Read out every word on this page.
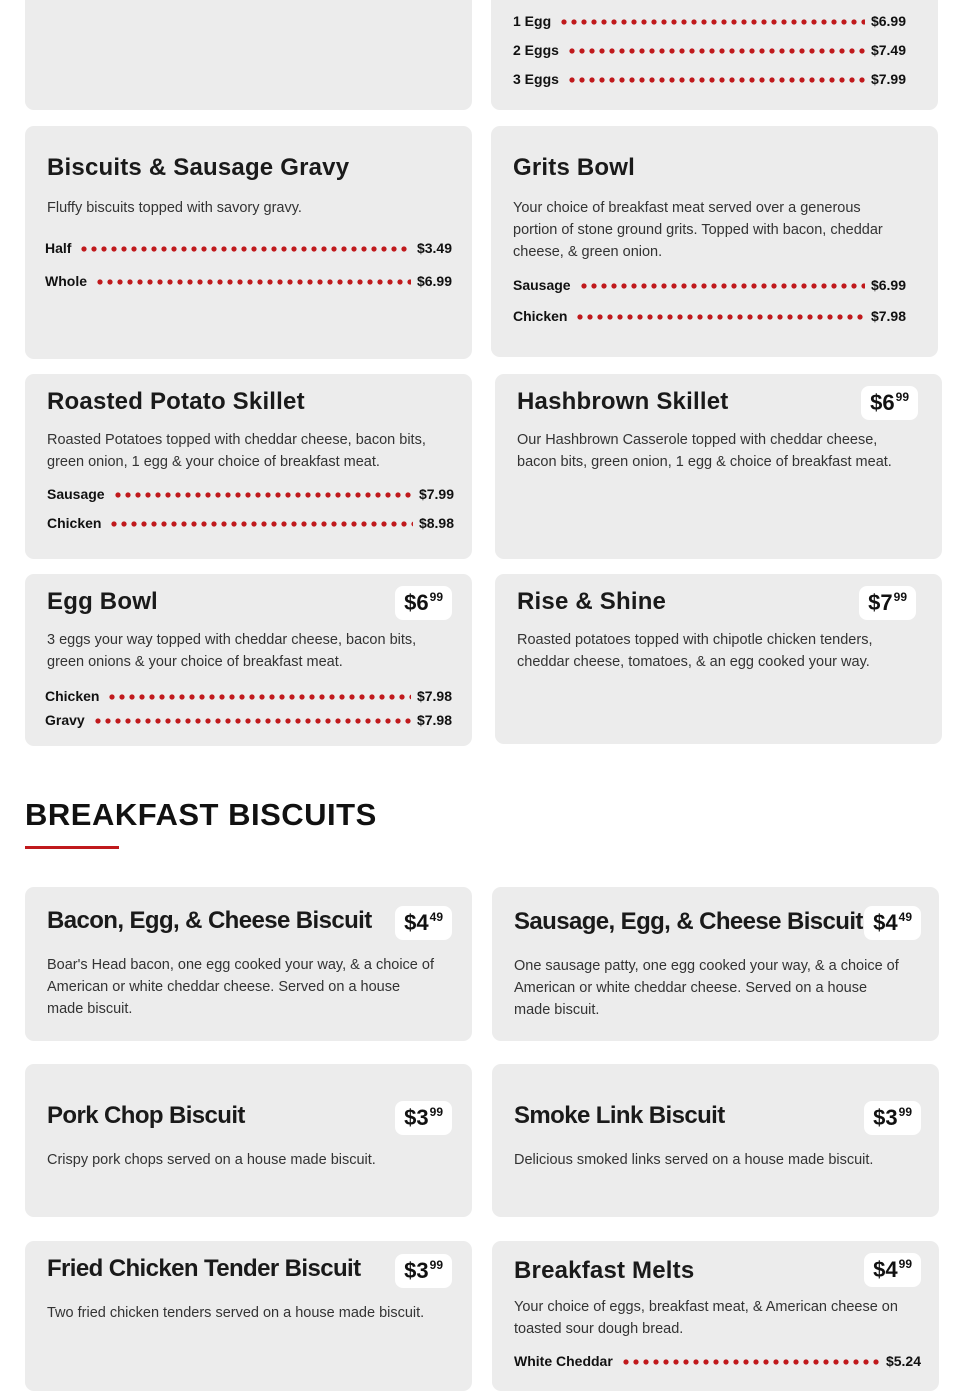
1 Egg	$6.99
2 Eggs	$7.49
3 Eggs	$7.99
Biscuits & Sausage Gravy
Fluffy biscuits topped with savory gravy.
Half	$3.49
Whole	$6.99
Grits Bowl
Your choice of breakfast meat served over a generous portion of stone ground grits. Topped with bacon, cheddar cheese, & green onion.
Sausage	$6.99
Chicken	$7.98
Roasted Potato Skillet
Roasted Potatoes topped with cheddar cheese, bacon bits, green onion, 1 egg & your choice of breakfast meat.
Sausage	$7.99
Chicken	$8.98
Hashbrown Skillet	$6 99
Our Hashbrown Casserole topped with cheddar cheese, bacon bits, green onion, 1 egg & choice of breakfast meat.
Egg Bowl	$6 99
3 eggs your way topped with cheddar cheese, bacon bits, green onions & your choice of breakfast meat.
Chicken	$7.98
Gravy	$7.98
Rise & Shine	$7 99
Roasted potatoes topped with chipotle chicken tenders, cheddar cheese, tomatoes, & an egg cooked your way.
BREAKFAST BISCUITS
Bacon, Egg, & Cheese Biscuit $4 49
Boar's Head bacon, one egg cooked your way, & a choice of American or white cheddar cheese. Served on a house made biscuit.
Sausage, Egg, & Cheese Biscuit $4 49
One sausage patty, one egg cooked your way, & a choice of American or white cheddar cheese. Served on a house made biscuit.
Pork Chop Biscuit	$3 99
Crispy pork chops served on a house made biscuit.
Smoke Link Biscuit	$3 99
Delicious smoked links served on a house made biscuit.
Fried Chicken Tender Biscuit $3 99
Two fried chicken tenders served on a house made biscuit.
Breakfast Melts	$4 99
Your choice of eggs, breakfast meat, & American cheese on toasted sour dough bread.
White Cheddar	$5.24
